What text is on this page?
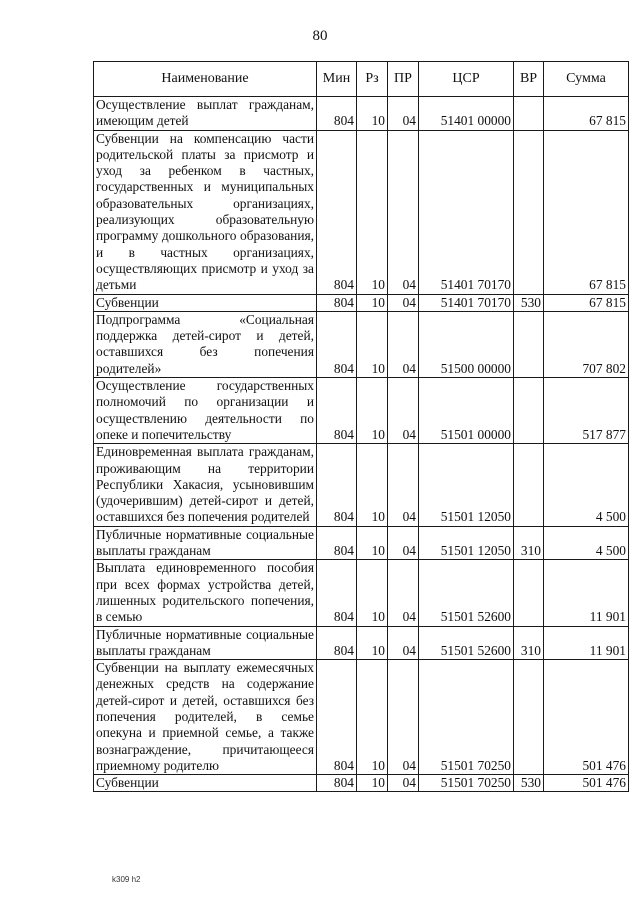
80
Наименование	Мин	Рз	ПР	ЦСР	ВР	Сумма
Осуществление выплат гражданам, имеющим детей	804	10	04	51401 00000		67 815
Субвенции на компенсацию части родительской платы за присмотр и уход за ребенком в частных, государственных и муниципальных образовательных организациях, реализующих образовательную программу дошкольного образования, и в частных организациях, осуществляющих присмотр и уход за детьми	804	10	04	51401 70170		67 815
Субвенции	804	10	04	51401 70170	530	67 815
Подпрограмма «Социальная поддержка детей-сирот и детей, оставшихся без попечения родителей»	804	10	04	51500 00000		707 802
Осуществление государственных полномочий по организации и осуществлению деятельности по опеке и попечительству	804	10	04	51501 00000		517 877
Единовременная выплата гражданам, проживающим на территории Республики Хакасия, усыновившим (удочерившим) детей-сирот и детей, оставшихся без попечения родителей	804	10	04	51501 12050		4 500
Публичные нормативные социальные выплаты гражданам	804	10	04	51501 12050	310	4 500
Выплата единовременного пособия при всех формах устройства детей, лишенных родительского попечения, в семью	804	10	04	51501 52600		11 901
Публичные нормативные социальные выплаты гражданам	804	10	04	51501 52600	310	11 901
Субвенции на выплату ежемесячных денежных средств на содержание детей-сирот и детей, оставшихся без попечения родителей, в семье опекуна и приемной семье, а также вознаграждение, причитающееся приемному родителю	804	10	04	51501 70250		501 476
Субвенции	804	10	04	51501 70250	530	501 476
k309 h2
